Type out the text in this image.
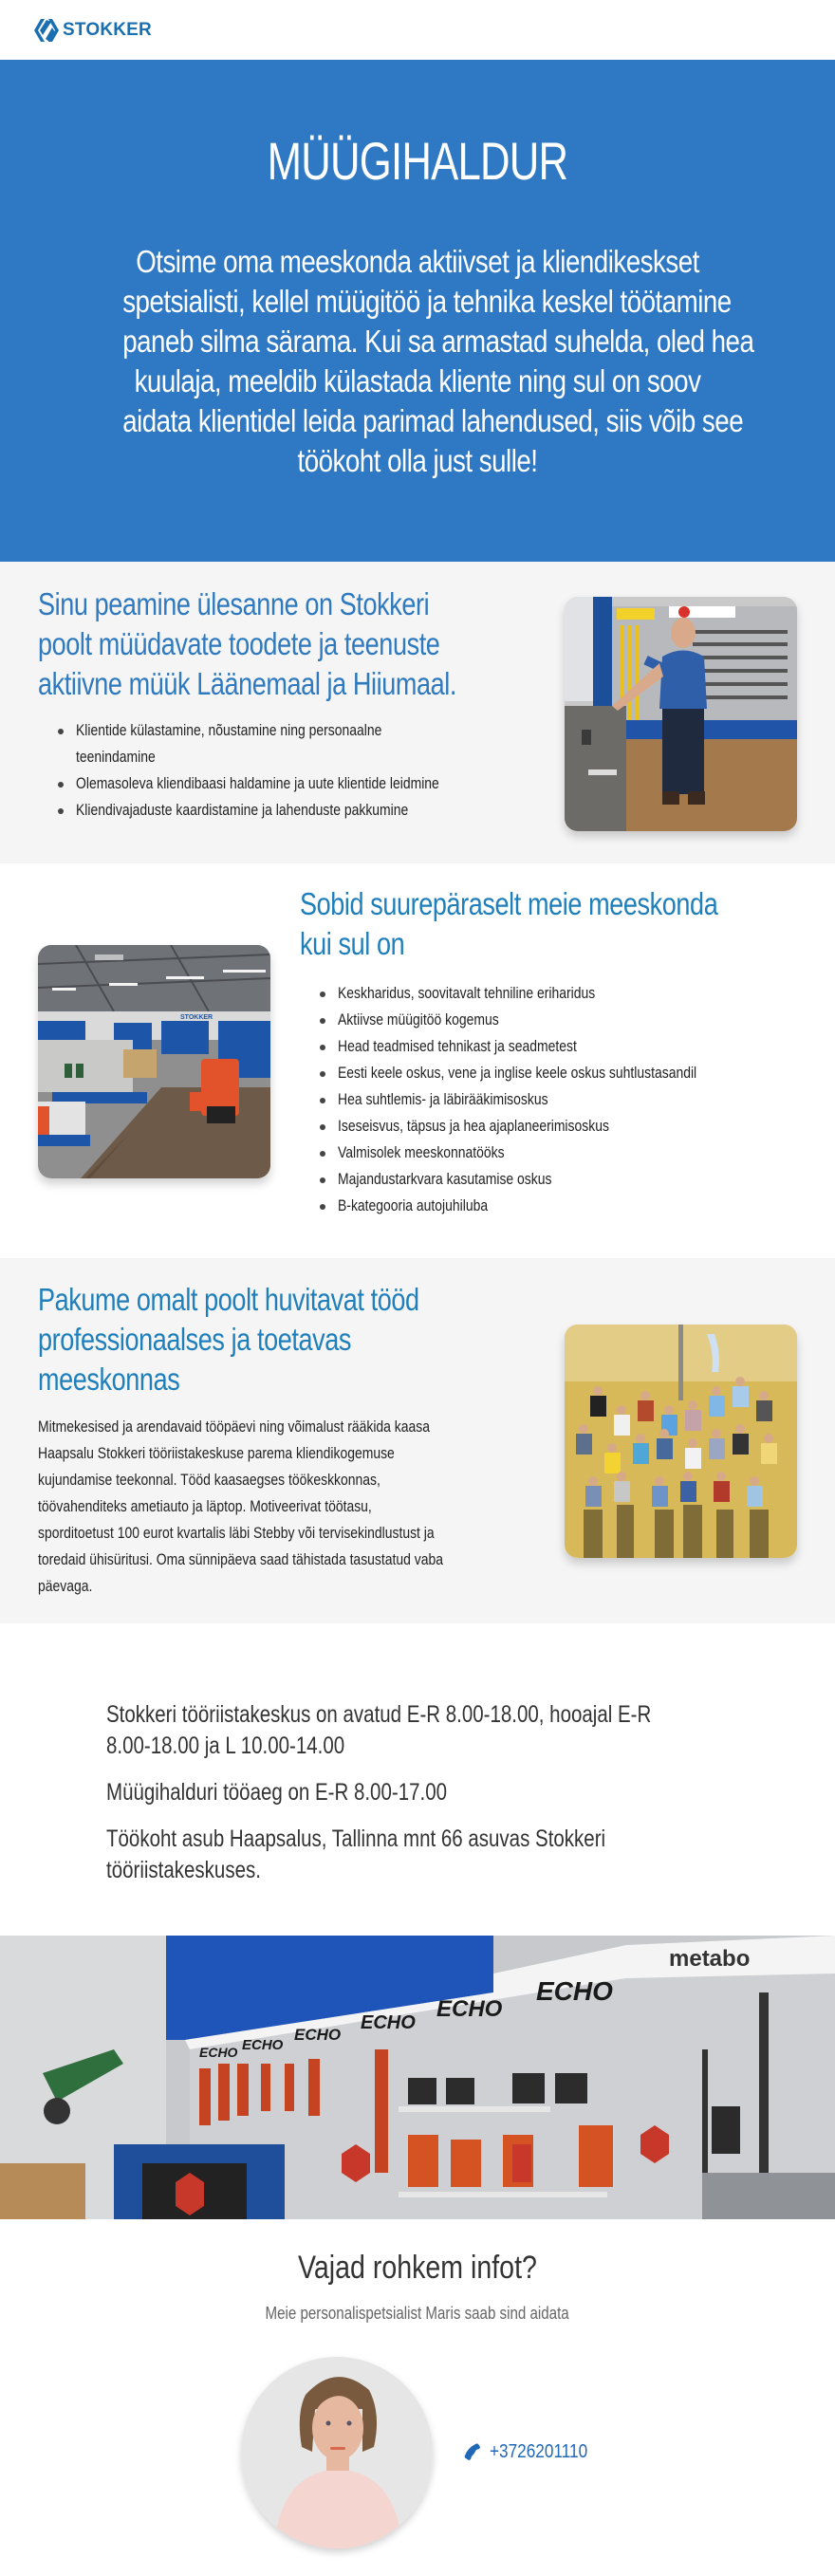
STOKKER
MÜÜGIHALDUR

Otsime oma meeskonda aktiivset ja kliendikeskset
spetsialisti, kellel müügitöö ja tehnika keskel töötamine
paneb silma särama. Kui sa armastad suhelda, oled hea
kuulaja, meeldib külastada kliente ning sul on soov
aidata klientidel leida parimad lahendused, siis võib see
töökoht olla just sulle!

Sinu peamine ülesanne on Stokkeri
poolt müüdavate toodete ja teenuste
aktiivne müük Läänemaal ja Hiiumaal.
Klientide külastamine, nõustamine ning personaalne
teenindamine
Olemasoleva kliendibaasi haldamine ja uute klientide leidmine
Kliendivajaduste kaardistamine ja lahenduste pakkumine
STOKKER
Sobid suurepäraselt meie meeskonda
kui sul on
Keskharidus, soovitavalt tehniline eriharidus
Aktiivse müügitöö kogemus
Head teadmised tehnikast ja seadmetest
Eesti keele oskus, vene ja inglise keele oskus suhtlustasandil
Hea suhtlemis- ja läbirääkimisoskus
Iseseisvus, täpsus ja hea ajaplaneerimisoskus
Valmisolek meeskonnatööks
Majandustarkvara kasutamise oskus
B-kategooria autojuhiluba
Pakume omalt poolt huvitavat tööd
professionaalses ja toetavas
meeskonnas
Mitmekesised ja arendavaid tööpäevi ning võimalust rääkida kaasa
Haapsalu Stokkeri tööriistakeskuse parema kliendikogemuse
kujundamise teekonnal. Tööd kaasaegses töökeskkonnas,
töövahenditeks ametiauto ja läptop. Motiveerivat töötasu,
sporditoetust 100 eurot kvartalis läbi Stebby või tervisekindlustust ja
toredaid ühisüritusi. Oma sünnipäeva saad tähistada tasustatud vaba
päevaga.

Stokkeri tööriistakeskus on avatud E-R 8.00-18.00, hooajal E-R
8.00-18.00 ja L 10.00-14.00

Müügihalduri tööaeg on E-R 8.00-17.00

Töökoht asub Haapsalus, Tallinna mnt 66 asuvas Stokkeri
tööriistakeskuses.

ECHO ECHO
ECHO
ECHO
ECHO
ECHO
metabo
Vajad rohkem infot?
Meie personalispetsialist Maris saab sind aidata
+3726201110
